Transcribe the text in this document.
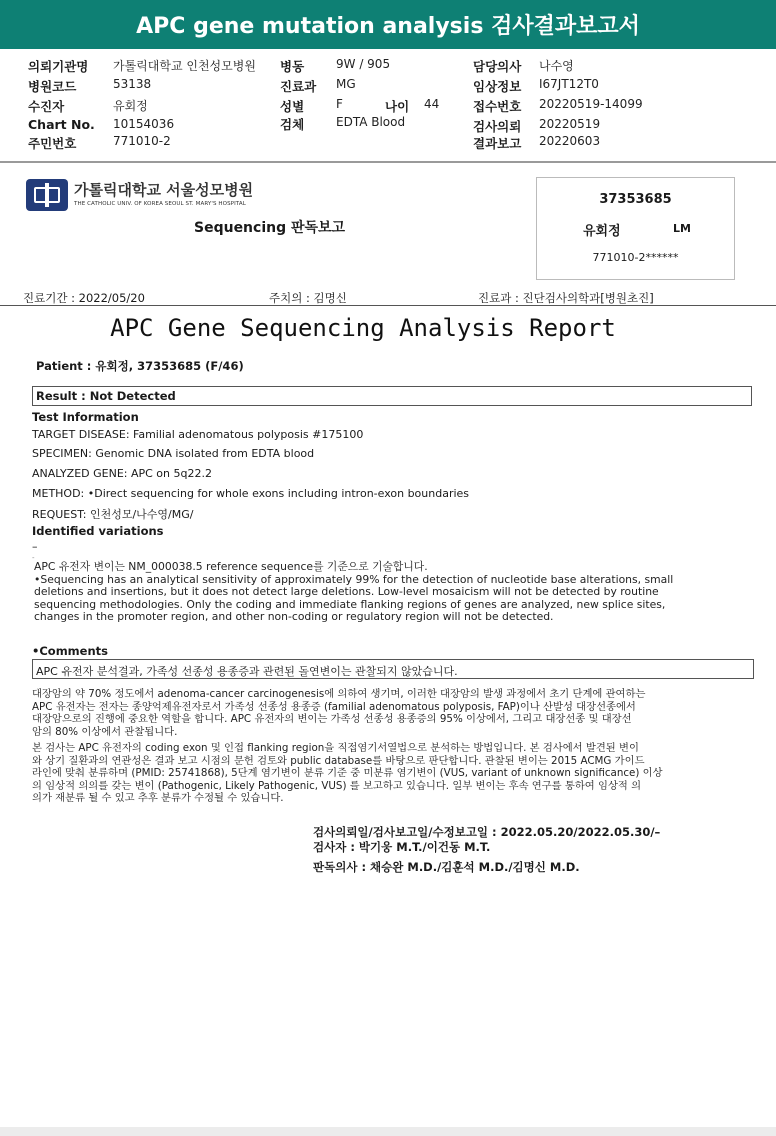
APC gene mutation analysis 검사결과보고서
의뢰기관명 가톨릭대학교 인천성모병원
병원코드	53138
수진자	유회정
Chart No. 10154036
주민번호	771010-2
병동	9W / 905
진료과 MG
성별	F	나이 44
검체	EDTA Blood
담당의사 나수영
임상정보 I67JT12T0
접수번호 20220519-14099
검사의뢰 20220519
결과보고 20220603
가톨릭대학교 서울성모병원
THE CATHOLIC UNIV. OF KOREA SEOUL ST. MARY'S HOSPITAL
Sequencing 판독보고
37353685
유회정	LM
771010-2******
진료기간 : 2022/05/20	주치의 : 김명신	진료과 : 진단검사의학과[병원초진]
APC Gene Sequencing Analysis Report
Patient : 유회정, 37353685 (F/46)
Result : Not Detected
Test Information
TARGET DISEASE: Familial adenomatous polyposis #175100
SPECIMEN: Genomic DNA isolated from EDTA blood
ANALYZED GENE: APC on 5q22.2
METHOD: •Direct sequencing for whole exons including intron-exon boundaries
REQUEST: 인천성모/나수영/MG/
Identified variations
–
-
APC 유전자 변이는 NM_000038.5 reference sequence를 기준으로 기술합니다.
•Sequencing has an analytical sensitivity of approximately 99% for the detection of nucleotide base alterations, small
deletions and insertions, but it does not detect large deletions. Low-level mosaicism will not be detected by routine
sequencing methodologies. Only the coding and immediate flanking regions of genes are analyzed, new splice sites,
changes in the promoter region, and other non-coding or regulatory region will not be detected.
•Comments
APC 유전자 분석결과, 가족성 선종성 용종증과 관련된 돌연변이는 관찰되지 않았습니다.
대장암의 약 70% 정도에서 adenoma-cancer carcinogenesis에 의하여 생기며, 이러한 대장암의 발생 과정에서 초기 단계에 관여하는
APC 유전자는 전자는 종양억제유전자로서 가족성 선종성 용종증 (familial adenomatous polyposis, FAP)이나 산발성 대장선종에서
대장암으로의 진행에 중요한 역할을 합니다. APC 유전자의 변이는 가족성 선종성 용종증의 95% 이상에서, 그리고 대장선종 및 대장선
암의 80% 이상에서 관찰됩니다.
본 검사는 APC 유전자의 coding exon 및 인접 flanking region을 직접염기서열법으로 분석하는 방법입니다. 본 검사에서 발견된 변이
와 상기 질환과의 연관성은 결과 보고 시점의 문헌 검토와 public database를 바탕으로 판단합니다. 관찰된 변이는 2015 ACMG 가이드
라인에 맞춰 분류하며 (PMID: 25741868), 5단계 염기변이 분류 기준 중 미분류 염기변이 (VUS, variant of unknown significance) 이상
의 임상적 의의를 갖는 변이 (Pathogenic, Likely Pathogenic, VUS) 를 보고하고 있습니다. 일부 변이는 후속 연구를 통하여 임상적 의
의가 재분류 될 수 있고 추후 분류가 수정될 수 있습니다.
검사의뢰일/검사보고일/수정보고일 : 2022.05.20/2022.05.30/–
검사자 : 박기웅 M.T./이건동 M.T.
판독의사 : 채승완 M.D./김훈석 M.D./김명신 M.D.
